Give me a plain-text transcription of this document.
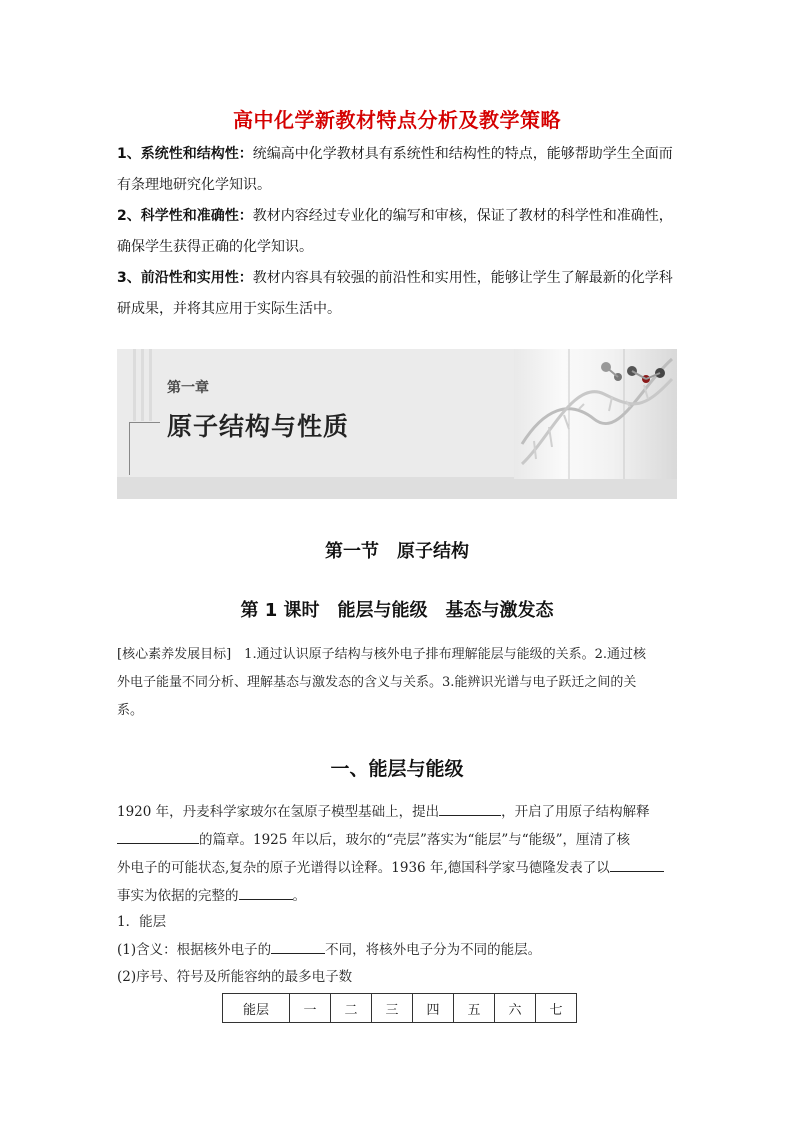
高中化学新教材特点分析及教学策略
1、系统性和结构性：统编高中化学教材具有系统性和结构性的特点，能够帮助学生全面而
有条理地研究化学知识。
2、科学性和准确性：教材内容经过专业化的编写和审核，保证了教材的科学性和准确性，
确保学生获得正确的化学知识。
3、前沿性和实用性：教材内容具有较强的前沿性和实用性，能够让学生了解最新的化学科
研成果，并将其应用于实际生活中。
第一章
原子结构与性质
第一节　原子结构
第 1 课时　能层与能级　基态与激发态
[核心素养发展目标]　 1.通过认识原子结构与核外电子排布理解能层与能级的关系。2.通过核
外电子能量不同分析、理解基态与激发态的含义与关系。3.能辨识光谱与电子跃迁之间的关
系。
一、能层与能级
1920 年，丹麦科学家玻尔在氢原子模型基础上，提出	，开启了用原子结构解释
的篇章。1925 年以后，玻尔的“壳层”落实为“能层”与“能级”，厘清了核
外电子的可能状态,复杂的原子光谱得以诠释。1936 年,德国科学家马德隆发表了以
事实为依据的完整的	。
1．能层
(1)含义：根据核外电子的	不同，将核外电子分为不同的能层。
(2)序号、符号及所能容纳的最多电子数
能层	一	二	三	四	五	六	七
